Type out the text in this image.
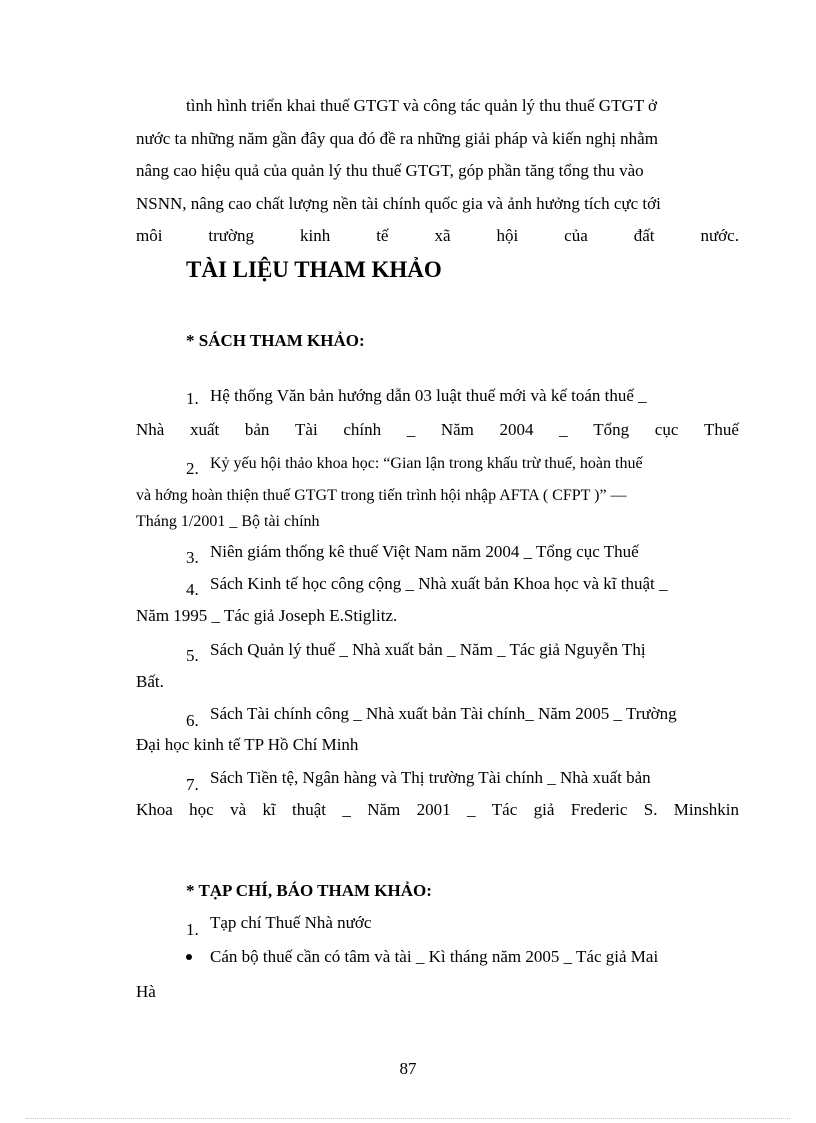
tình hình triển khai thuế GTGT và công tác quản lý thu thuế GTGT ở
nước ta những năm gần đây qua đó đề ra những giải pháp và kiến nghị nhằm
nâng cao hiệu quả của quản lý thu thuế GTGT, góp phần tăng tổng thu vào
NSNN, nâng cao chất lượng nền tài chính quốc gia và ảnh hưởng tích cực tới
môi	trường	kinh	tế	xã	hội	của	đất	nước.
TÀI LIỆU THAM KHẢO
* SÁCH THAM KHẢO:
1. Hệ thống Văn bản hướng dẫn 03 luật thuế mới và kế toán thuế _
Nhà xuất bản Tài chính _ Năm 2004 _ Tổng cục Thuế
2. Kỷ yếu hội thảo khoa học: “Gian lận trong khấu trừ thuế, hoàn thuế
và hớng hoàn thiện thuế GTGT trong tiến trình hội nhập AFTA ( CFPT )” —
Tháng 1/2001 _ Bộ tài chính
3. Niên giám thống kê thuế Việt Nam năm 2004 _ Tổng cục Thuế
4. Sách Kinh tế học công cộng _ Nhà xuất bản Khoa học và kĩ thuật _
Năm 1995 _ Tác giả Joseph E.Stiglitz.
5. Sách Quản lý thuế _ Nhà xuất bản _ Năm _ Tác giả Nguyễn Thị
Bất.
6. Sách Tài chính công _ Nhà xuất bản Tài chính_ Năm 2005 _ Trường
Đại học kinh tế TP Hồ Chí Minh
7. Sách Tiền tệ, Ngân hàng và Thị trường Tài chính _ Nhà xuất bản
Khoa học và kĩ thuật _ Năm 2001 _ Tác giả Frederic S. Minshkin
* TẠP CHÍ, BÁO THAM KHẢO:
1. Tạp chí Thuế Nhà nước
Cán bộ thuế cần có tâm và tài _ Kì tháng năm 2005 _ Tác giả Mai
Hà
87
